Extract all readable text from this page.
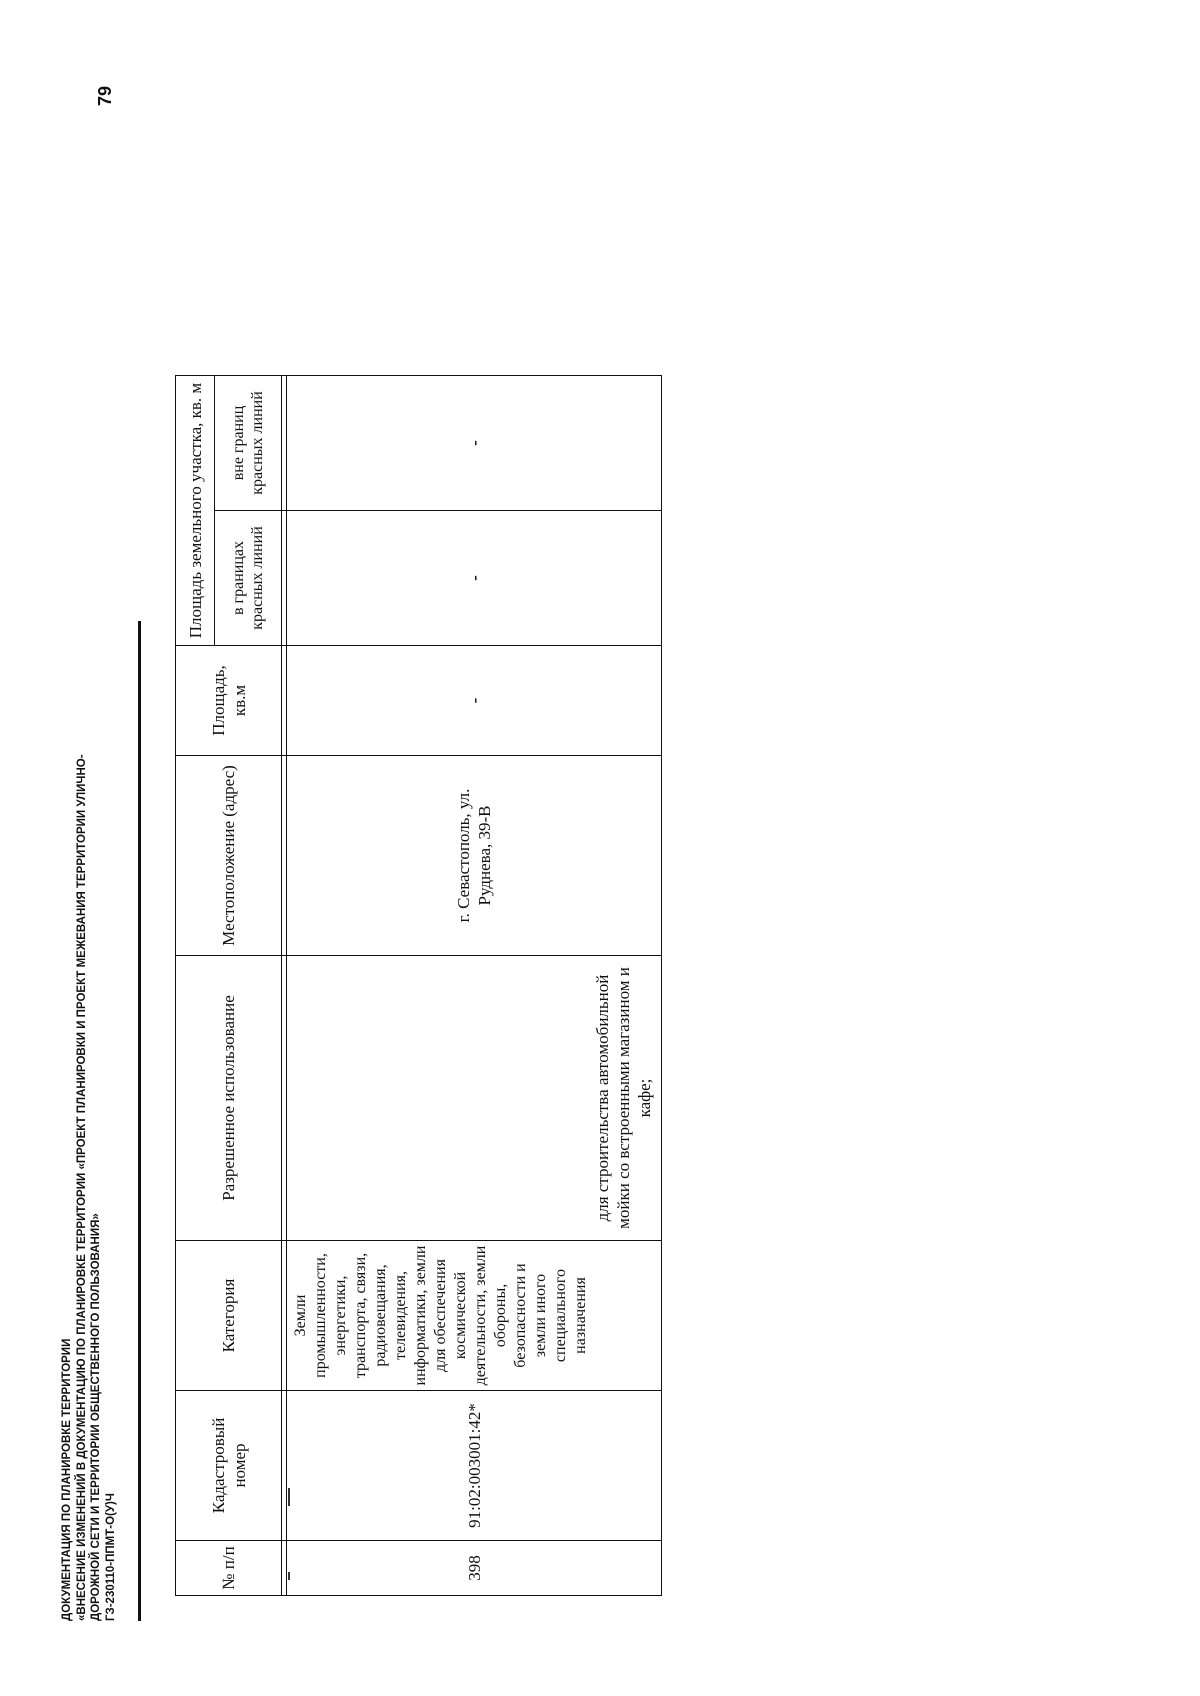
79
ДОКУМЕНТАЦИЯ ПО ПЛАНИРОВКЕ ТЕРРИТОРИИ «ВНЕСЕНИЕ ИЗМЕНЕНИЙ В ДОКУМЕНТАЦИЮ ПО ПЛАНИРОВКЕ ТЕРРИТОРИИ «ПРОЕКТ ПЛАНИРОВКИ И ПРОЕКТ МЕЖЕВАНИЯ ТЕРРИТОРИИ УЛИЧНО- ДОРОЖНОЙ СЕТИ И ТЕРРИТОРИИ ОБЩЕСТВЕННОГО ПОЛЬЗОВАНИЯ» ГЗ-230110-ППМТ-О(У)Ч	№ п/п	Кадастровый номер	Категория	Разрешенное использование	Местоположение (адрес)	Площадь, кв.м	Площадь земельного участка, кв. м	
						в границах красных линий	вне границ красных линий

398	91:02:003001:42*	Земли промышленности, энергетики, транспорта, связи, радиовещания, телевидения, информатики, земли для обеспечения космической деятельности, земли обороны, безопасности и земли иного специального назначения	для строительства автомобильной мойки со встроенными магазином и кафе;	г. Севастополь, ул. Руднева, 39-В	-	-	-
